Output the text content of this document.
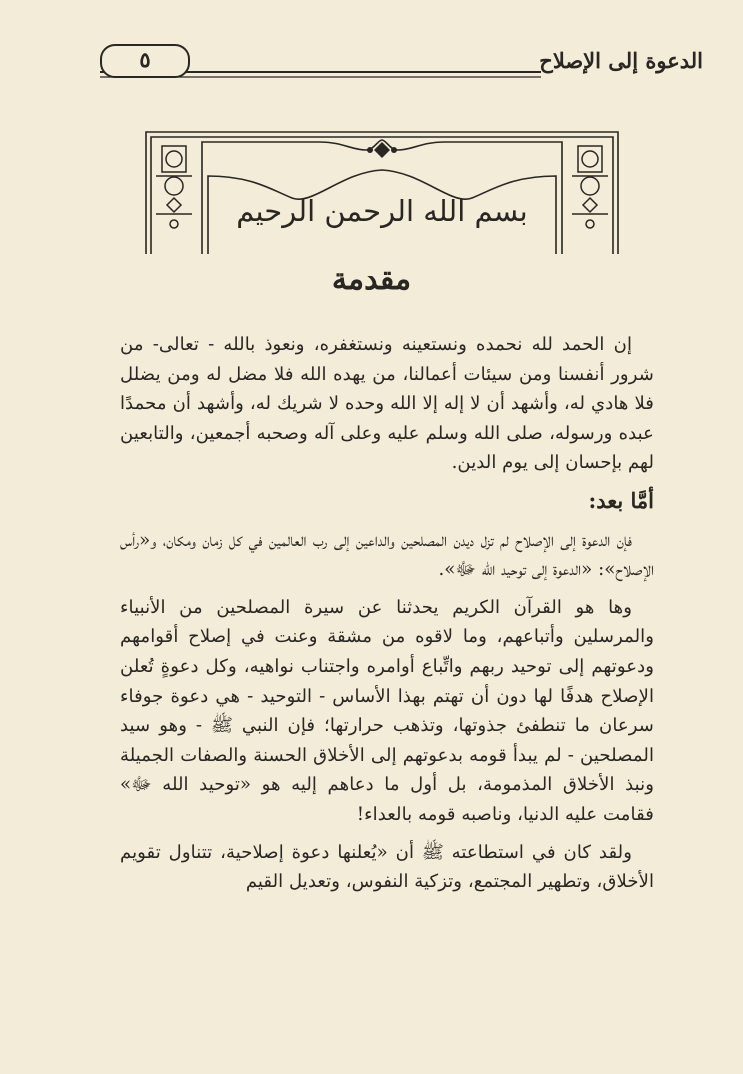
الدعوة إلى الإصلاح
٥
بسم الله الرحمن الرحيم
مقدمة

إن الحمد لله نحمده ونستعينه ونستغفره، ونعوذ بالله - تعالى- من شرور أنفسنا ومن سيئات أعمالنا، من يهده الله فلا مضل له ومن يضلل فلا هادي له، وأشهد أن لا إله إلا الله وحده لا شريك له، وأشهد أن محمدًا عبده ورسوله، صلى الله وسلم عليه وعلى آله وصحبه أجمعين، والتابعين لهم بإحسان إلى يوم الدين.

أمَّا بعد:

فإن الدعوة إلى الإصلاح لم تزل ديدن المصلحين والداعين إلى رب العالمين في كل زمان ومكان، و«رأس الإصلاح»: «الدعوة إلى توحيد الله ﷻ».

وها هو القرآن الكريم يحدثنا عن سيرة المصلحين من الأنبياء والمرسلين وأتباعهم، وما لاقوه من مشقة وعنت في إصلاح أقوامهم ودعوتهم إلى توحيد ربهم واتِّباع أوامره واجتناب نواهيه، وكل دعوةٍ تُعلن الإصلاح هدفًا لها دون أن تهتم بهذا الأساس - التوحيد - هي دعوة جوفاء سرعان ما تنطفئ جذوتها، وتذهب حرارتها؛ فإن النبي ﷺ - وهو سيد المصلحين - لم يبدأ قومه بدعوتهم إلى الأخلاق الحسنة والصفات الجميلة ونبذ الأخلاق المذمومة، بل أول ما دعاهم إليه هو «توحيد الله ﷻ» فقامت عليه الدنيا، وناصبه قومه بالعداء!

ولقد كان في استطاعته ﷺ أن «يُعلنها دعوة إصلاحية، تتناول تقويم الأخلاق، وتطهير المجتمع، وتزكية النفوس، وتعديل القيم
